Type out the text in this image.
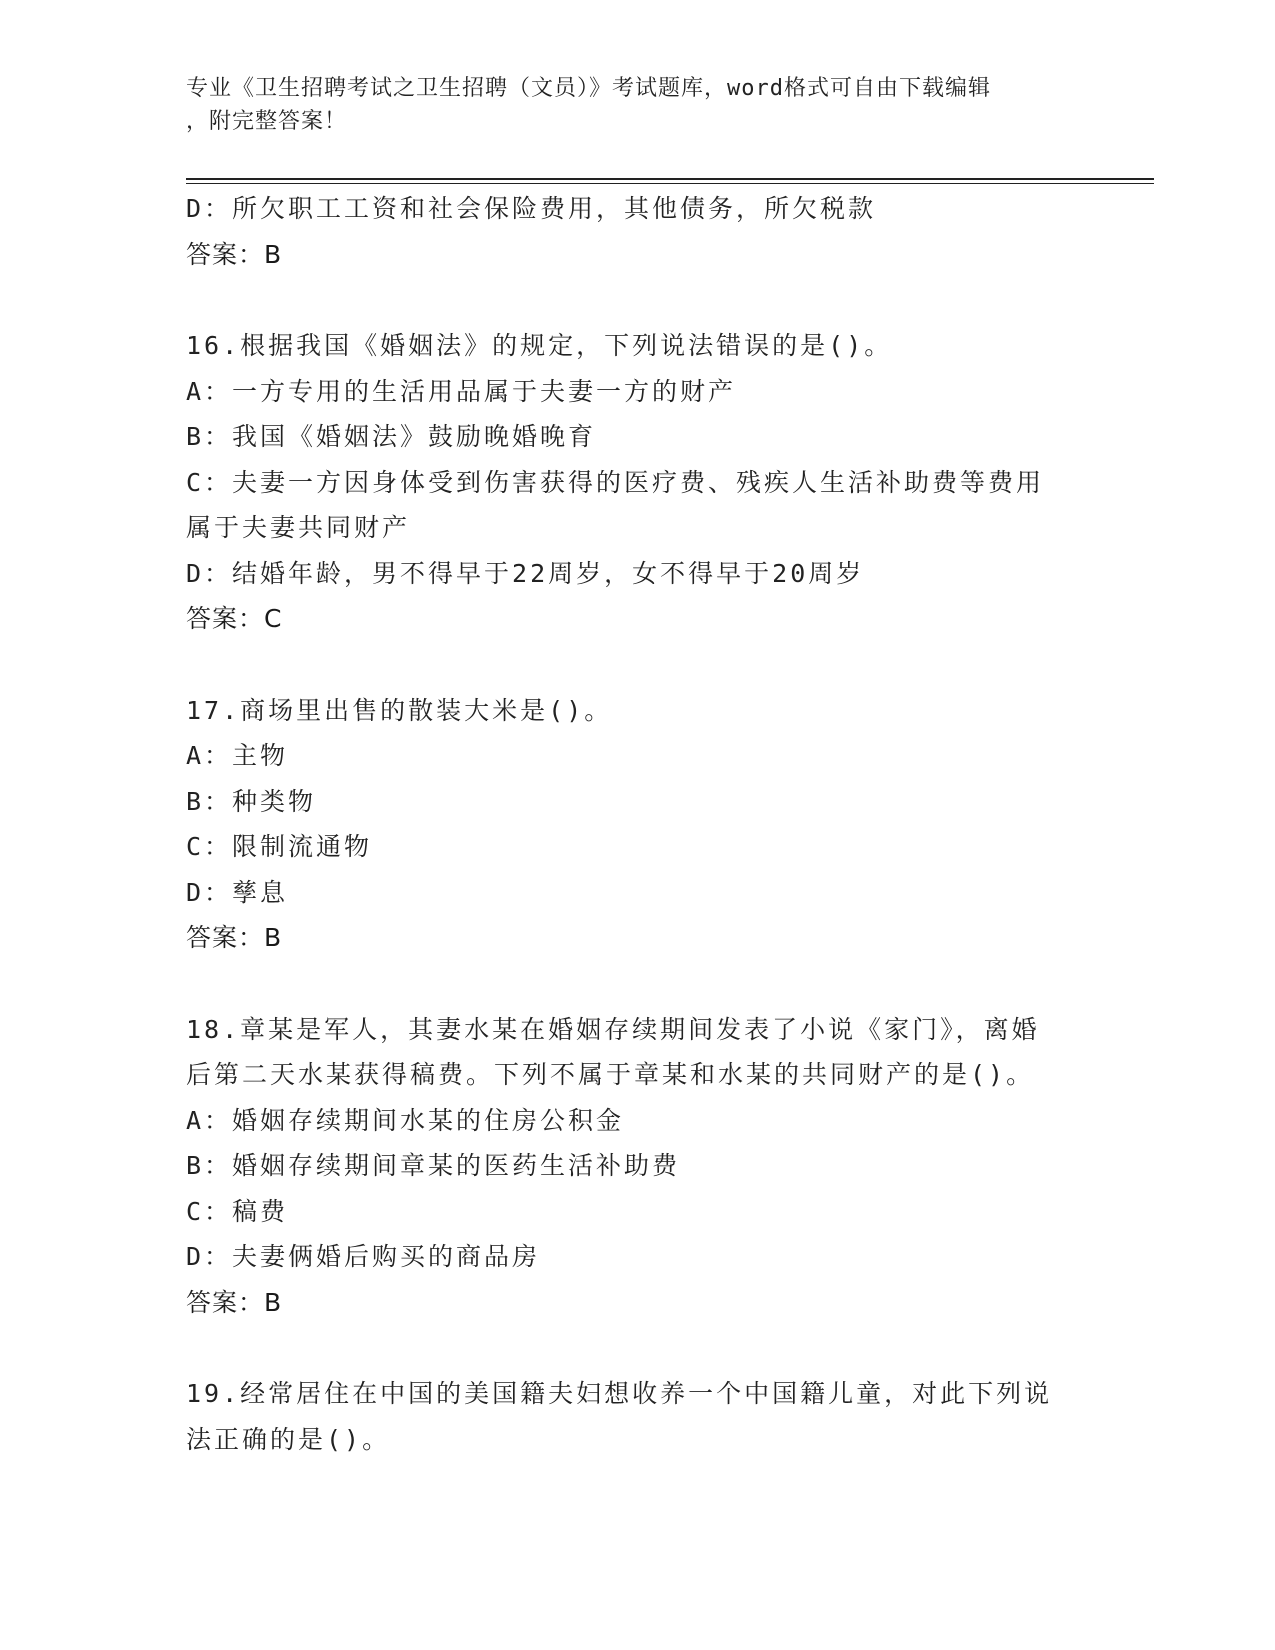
专业《卫生招聘考试之卫生招聘（文员）》考试题库，word格式可自由下载编辑
，附完整答案！
D：所欠职工工资和社会保险费用，其他债务，所欠税款
答案：B
16.根据我国《婚姻法》的规定，下列说法错误的是()。
A：一方专用的生活用品属于夫妻一方的财产
B：我国《婚姻法》鼓励晚婚晚育
C：夫妻一方因身体受到伤害获得的医疗费、残疾人生活补助费等费用
属于夫妻共同财产
D：结婚年龄，男不得早于22周岁，女不得早于20周岁
答案：C
17.商场里出售的散装大米是()。
A：主物
B：种类物
C：限制流通物
D：孳息
答案：B
18.章某是军人，其妻水某在婚姻存续期间发表了小说《家门》，离婚
后第二天水某获得稿费。下列不属于章某和水某的共同财产的是()。
A：婚姻存续期间水某的住房公积金
B：婚姻存续期间章某的医药生活补助费
C：稿费
D：夫妻俩婚后购买的商品房
答案：B
19.经常居住在中国的美国籍夫妇想收养一个中国籍儿童，对此下列说
法正确的是()。
